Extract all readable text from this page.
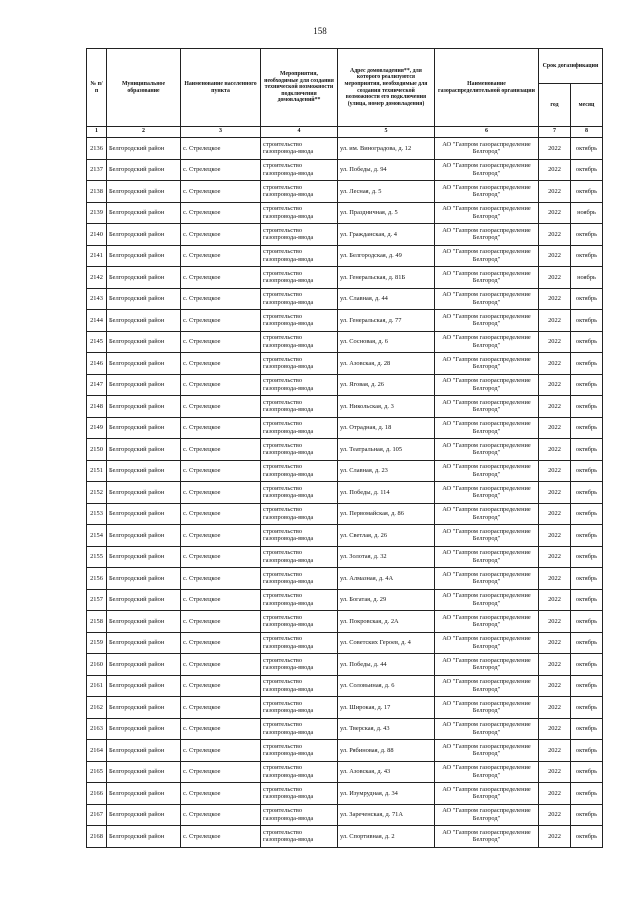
158
№ п/п	Муниципальное образование	Наименование населенного пункта	Мероприятия, необходимые для создания технической возможности подключения домовладений**	Адрес домовладения**, для которого реализуются мероприятия, необходимые для создания технической возможности его подключения (улица, номер домовладения)	Наименование газораспределительной организации	Срок догазификации	
						год	месяц
1	2	3	4	5	6	7	8
2136	Белгородский район	с. Стрелецкое	строительство газопровода-ввода	ул. им. Виноградова, д. 12	АО "Газпром газораспределение Белгород"	2022	октябрь
2137	Белгородский район	с. Стрелецкое	строительство газопровода-ввода	ул. Победы, д. 94	АО "Газпром газораспределение Белгород"	2022	октябрь
2138	Белгородский район	с. Стрелецкое	строительство газопровода-ввода	ул. Лесная, д. 5	АО "Газпром газораспределение Белгород"	2022	октябрь
2139	Белгородский район	с. Стрелецкое	строительство газопровода-ввода	ул. Праздничная, д. 5	АО "Газпром газораспределение Белгород"	2022	ноябрь
2140	Белгородский район	с. Стрелецкое	строительство газопровода-ввода	ул. Гражданская, д. 4	АО "Газпром газораспределение Белгород"	2022	октябрь
2141	Белгородский район	с. Стрелецкое	строительство газопровода-ввода	ул. Белгородская, д. 49	АО "Газпром газораспределение Белгород"	2022	октябрь
2142	Белгородский район	с. Стрелецкое	строительство газопровода-ввода	ул. Генеральская, д. 81Б	АО "Газпром газораспределение Белгород"	2022	ноябрь
2143	Белгородский район	с. Стрелецкое	строительство газопровода-ввода	ул. Славная, д. 44	АО "Газпром газораспределение Белгород"	2022	октябрь
2144	Белгородский район	с. Стрелецкое	строительство газопровода-ввода	ул. Генеральская, д. 77	АО "Газпром газораспределение Белгород"	2022	октябрь
2145	Белгородский район	с. Стрелецкое	строительство газопровода-ввода	ул. Сосновая, д. 6	АО "Газпром газораспределение Белгород"	2022	октябрь
2146	Белгородский район	с. Стрелецкое	строительство газопровода-ввода	ул. Азовская, д. 28	АО "Газпром газораспределение Белгород"	2022	октябрь
2147	Белгородский район	с. Стрелецкое	строительство газопровода-ввода	ул. Яговая, д. 26	АО "Газпром газораспределение Белгород"	2022	октябрь
2148	Белгородский район	с. Стрелецкое	строительство газопровода-ввода	ул. Никольская, д. 3	АО "Газпром газораспределение Белгород"	2022	октябрь
2149	Белгородский район	с. Стрелецкое	строительство газопровода-ввода	ул. Отрадная, д. 18	АО "Газпром газораспределение Белгород"	2022	октябрь
2150	Белгородский район	с. Стрелецкое	строительство газопровода-ввода	ул. Театральная, д. 105	АО "Газпром газораспределение Белгород"	2022	октябрь
2151	Белгородский район	с. Стрелецкое	строительство газопровода-ввода	ул. Славная, д. 23	АО "Газпром газораспределение Белгород"	2022	октябрь
2152	Белгородский район	с. Стрелецкое	строительство газопровода-ввода	ул. Победы, д. 114	АО "Газпром газораспределение Белгород"	2022	октябрь
2153	Белгородский район	с. Стрелецкое	строительство газопровода-ввода	ул. Первомайская, д. 86	АО "Газпром газораспределение Белгород"	2022	октябрь
2154	Белгородский район	с. Стрелецкое	строительство газопровода-ввода	ул. Светлая, д. 26	АО "Газпром газораспределение Белгород"	2022	октябрь
2155	Белгородский район	с. Стрелецкое	строительство газопровода-ввода	ул. Золотая, д. 32	АО "Газпром газораспределение Белгород"	2022	октябрь
2156	Белгородский район	с. Стрелецкое	строительство газопровода-ввода	ул. Алмазная, д. 4А	АО "Газпром газораспределение Белгород"	2022	октябрь
2157	Белгородский район	с. Стрелецкое	строительство газопровода-ввода	ул. Богатая, д. 29	АО "Газпром газораспределение Белгород"	2022	октябрь
2158	Белгородский район	с. Стрелецкое	строительство газопровода-ввода	ул. Покровская, д. 2А	АО "Газпром газораспределение Белгород"	2022	октябрь
2159	Белгородский район	с. Стрелецкое	строительство газопровода-ввода	ул. Советских Героев, д. 4	АО "Газпром газораспределение Белгород"	2022	октябрь
2160	Белгородский район	с. Стрелецкое	строительство газопровода-ввода	ул. Победы, д. 44	АО "Газпром газораспределение Белгород"	2022	октябрь
2161	Белгородский район	с. Стрелецкое	строительство газопровода-ввода	ул. Соловьиная, д. 6	АО "Газпром газораспределение Белгород"	2022	октябрь
2162	Белгородский район	с. Стрелецкое	строительство газопровода-ввода	ул. Широкая, д. 17	АО "Газпром газораспределение Белгород"	2022	октябрь
2163	Белгородский район	с. Стрелецкое	строительство газопровода-ввода	ул. Тверская, д. 43	АО "Газпром газораспределение Белгород"	2022	октябрь
2164	Белгородский район	с. Стрелецкое	строительство газопровода-ввода	ул. Рябиновая, д. 88	АО "Газпром газораспределение Белгород"	2022	октябрь
2165	Белгородский район	с. Стрелецкое	строительство газопровода-ввода	ул. Азовская, д. 43	АО "Газпром газораспределение Белгород"	2022	октябрь
2166	Белгородский район	с. Стрелецкое	строительство газопровода-ввода	ул. Изумрудная, д. 34	АО "Газпром газораспределение Белгород"	2022	октябрь
2167	Белгородский район	с. Стрелецкое	строительство газопровода-ввода	ул. Зареченская, д. 71А	АО "Газпром газораспределение Белгород"	2022	октябрь
2168	Белгородский район	с. Стрелецкое	строительство газопровода-ввода	ул. Спортивная, д. 2	АО "Газпром газораспределение Белгород"	2022	октябрь
